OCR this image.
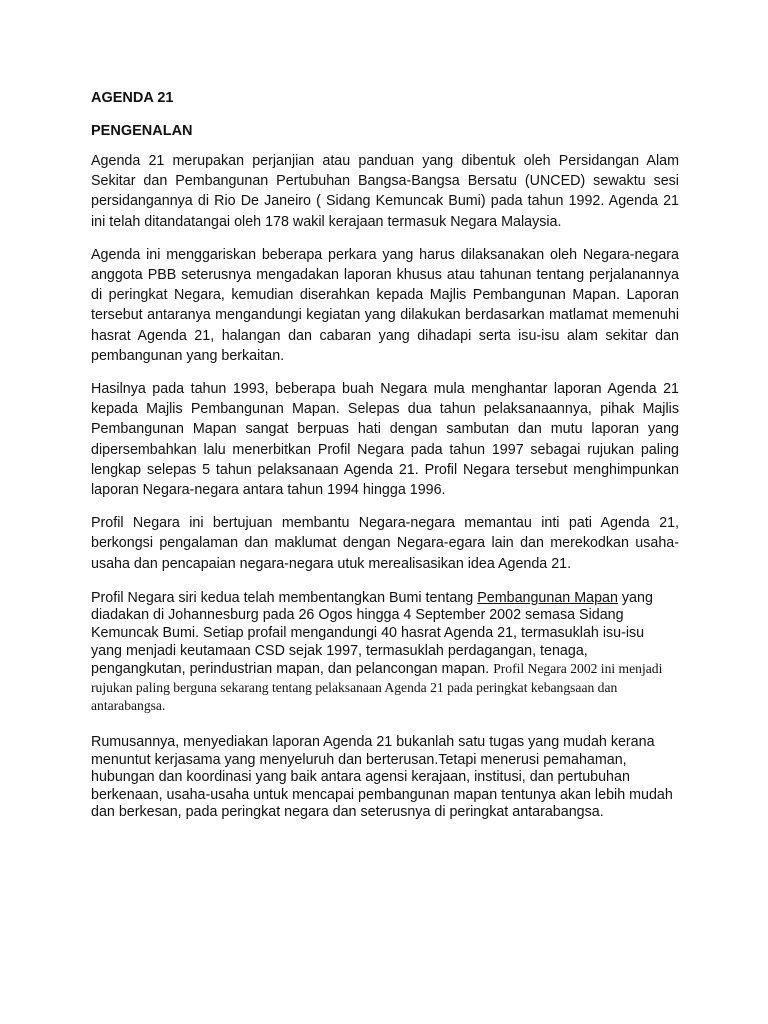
AGENDA 21
PENGENALAN

Agenda 21 merupakan perjanjian atau panduan yang dibentuk oleh Persidangan Alam Sekitar dan Pembangunan Pertubuhan Bangsa-Bangsa Bersatu (UNCED) sewaktu sesi persidangannya di Rio De Janeiro ( Sidang Kemuncak Bumi) pada tahun 1992. Agenda 21 ini telah ditandatangai oleh 178 wakil kerajaan termasuk Negara Malaysia.

Agenda ini menggariskan beberapa perkara yang harus dilaksanakan oleh Negara-negara anggota PBB seterusnya mengadakan laporan khusus atau tahunan tentang perjalanannya di peringkat Negara, kemudian diserahkan kepada Majlis Pembangunan Mapan. Laporan tersebut antaranya mengandungi kegiatan yang dilakukan berdasarkan matlamat memenuhi hasrat Agenda 21, halangan dan cabaran yang dihadapi serta isu-isu alam sekitar dan pembangunan yang berkaitan.

Hasilnya pada tahun 1993, beberapa buah Negara mula menghantar laporan Agenda 21 kepada Majlis Pembangunan Mapan. Selepas dua tahun pelaksanaannya, pihak Majlis Pembangunan Mapan sangat berpuas hati dengan sambutan dan mutu laporan yang dipersembahkan lalu menerbitkan Profil Negara pada tahun 1997 sebagai rujukan paling lengkap selepas 5 tahun pelaksanaan Agenda 21. Profil Negara tersebut menghimpunkan laporan Negara-negara antara tahun 1994 hingga 1996.

Profil Negara ini bertujuan membantu Negara-negara memantau inti pati Agenda 21, berkongsi pengalaman dan maklumat dengan Negara-egara lain dan merekodkan usaha-usaha dan pencapaian negara-negara utuk merealisasikan idea Agenda 21.

Profil Negara siri kedua telah membentangkan Bumi tentang Pembangunan Mapan yang diadakan di Johannesburg pada 26 Ogos hingga 4 September 2002 semasa Sidang Kemuncak Bumi. Setiap profail mengandungi 40 hasrat Agenda 21, termasuklah isu-isu yang menjadi keutamaan CSD sejak 1997, termasuklah perdagangan, tenaga, pengangkutan, perindustrian mapan, dan pelancongan mapan. Profil Negara 2002 ini menjadi rujukan paling berguna sekarang tentang pelaksanaan Agenda 21 pada peringkat kebangsaan dan antarabangsa.

Rumusannya, menyediakan laporan Agenda 21 bukanlah satu tugas yang mudah kerana menuntut kerjasama yang menyeluruh dan berterusan.Tetapi menerusi pemahaman, hubungan dan koordinasi yang baik antara agensi kerajaan, institusi, dan pertubuhan berkenaan, usaha-usaha untuk mencapai pembangunan mapan tentunya akan lebih mudah dan berkesan, pada peringkat negara dan seterusnya di peringkat antarabangsa.
